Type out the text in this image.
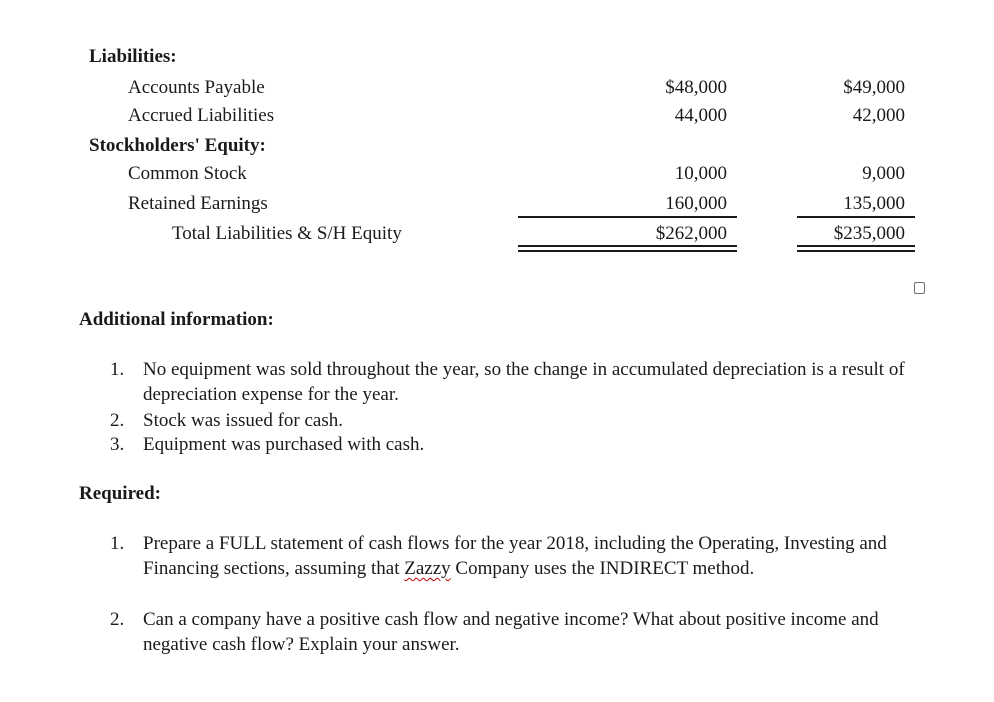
Liabilities:
Accounts Payable	$48,000	$49,000
Accrued Liabilities	44,000	42,000
Stockholders' Equity:
Common Stock	10,000	9,000
Retained Earnings	160,000	135,000
Total Liabilities & S/H Equity	$262,000	$235,000
Additional information:
1. No equipment was sold throughout the year, so the change in accumulated depreciation is a result of depreciation expense for the year.
2. Stock was issued for cash.
3. Equipment was purchased with cash.
Required:
1. Prepare a FULL statement of cash flows for the year 2018, including the Operating, Investing and Financing sections, assuming that Zazzy Company uses the INDIRECT method.
2. Can a company have a positive cash flow and negative income? What about positive income and negative cash flow? Explain your answer.
